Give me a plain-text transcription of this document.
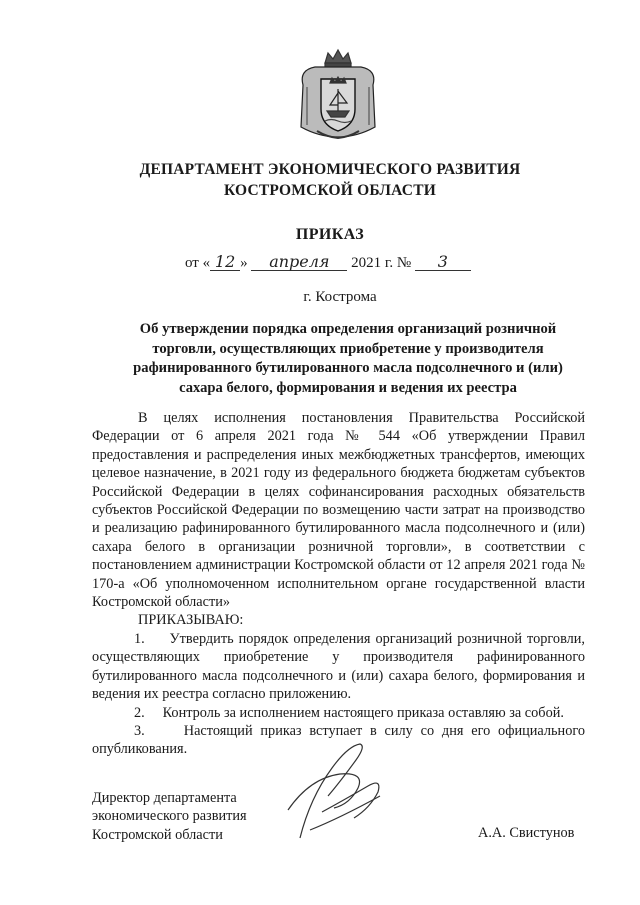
ДЕПАРТАМЕНТ ЭКОНОМИЧЕСКОГО РАЗВИТИЯ
КОСТРОМСКОЙ ОБЛАСТИ
ПРИКАЗ
от « 12 » апреля 2021 г. № 3
г. Кострома
Об утверждении порядка определения организаций розничной
торговли, осуществляющих приобретение у производителя
рафинированного бутилированного масла подсолнечного и (или)
сахара белого, формирования и ведения их реестра

В целях исполнения постановления Правительства Российской Федерации от 6 апреля 2021 года № 544 «Об утверждении Правил предоставления и распределения иных межбюджетных трансфертов, имеющих целевое назначение, в 2021 году из федерального бюджета бюджетам субъектов Российской Федерации в целях софинансирования расходных обязательств субъектов Российской Федерации по возмещению части затрат на производство и реализацию рафинированного бутилированного масла подсолнечного и (или) сахара белого в организации розничной торговли», в соответствии с постановлением администрации Костромской области от 12 апреля 2021 года № 170-а «Об уполномоченном исполнительном органе государственной власти Костромской области»

ПРИКАЗЫВАЮ:

1.     Утвердить порядок определения организаций розничной торговли, осуществляющих приобретение у производителя рафинированного бутилированного масла подсолнечного и (или) сахара белого, формирования и ведения их реестра согласно приложению.

2.     Контроль за исполнением настоящего приказа оставляю за собой.

3.     Настоящий приказ вступает в силу со дня его официального опубликования.

Директор департамента
экономического развития
Костромской области	А.А. Свистунов
